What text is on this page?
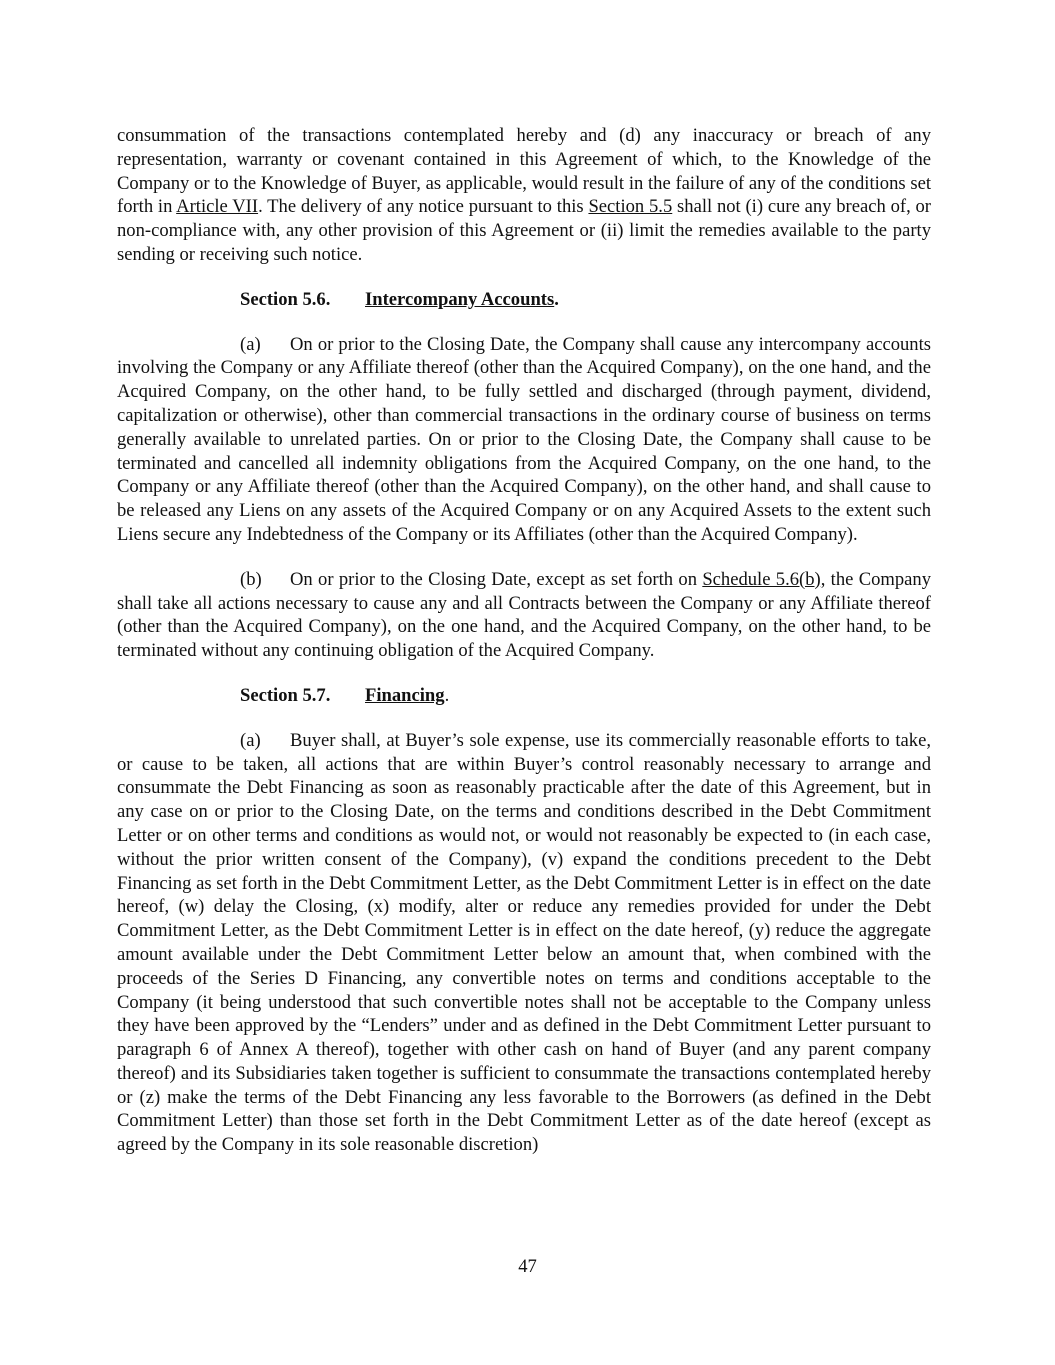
consummation of the transactions contemplated hereby and (d) any inaccuracy or breach of any representation, warranty or covenant contained in this Agreement of which, to the Knowledge of the Company or to the Knowledge of Buyer, as applicable, would result in the failure of any of the conditions set forth in Article VII. The delivery of any notice pursuant to this Section 5.5 shall not (i) cure any breach of, or non-compliance with, any other provision of this Agreement or (ii) limit the remedies available to the party sending or receiving such notice.

Section 5.6. Intercompany Accounts.

(a) On or prior to the Closing Date, the Company shall cause any intercompany accounts involving the Company or any Affiliate thereof (other than the Acquired Company), on the one hand, and the Acquired Company, on the other hand, to be fully settled and discharged (through payment, dividend, capitalization or otherwise), other than commercial transactions in the ordinary course of business on terms generally available to unrelated parties. On or prior to the Closing Date, the Company shall cause to be terminated and cancelled all indemnity obligations from the Acquired Company, on the one hand, to the Company or any Affiliate thereof (other than the Acquired Company), on the other hand, and shall cause to be released any Liens on any assets of the Acquired Company or on any Acquired Assets to the extent such Liens secure any Indebtedness of the Company or its Affiliates (other than the Acquired Company).

(b) On or prior to the Closing Date, except as set forth on Schedule 5.6(b), the Company shall take all actions necessary to cause any and all Contracts between the Company or any Affiliate thereof (other than the Acquired Company), on the one hand, and the Acquired Company, on the other hand, to be terminated without any continuing obligation of the Acquired Company.

Section 5.7. Financing.

(a) Buyer shall, at Buyer’s sole expense, use its commercially reasonable efforts to take, or cause to be taken, all actions that are within Buyer’s control reasonably necessary to arrange and consummate the Debt Financing as soon as reasonably practicable after the date of this Agreement, but in any case on or prior to the Closing Date, on the terms and conditions described in the Debt Commitment Letter or on other terms and conditions as would not, or would not reasonably be expected to (in each case, without the prior written consent of the Company), (v) expand the conditions precedent to the Debt Financing as set forth in the Debt Commitment Letter, as the Debt Commitment Letter is in effect on the date hereof, (w) delay the Closing, (x) modify, alter or reduce any remedies provided for under the Debt Commitment Letter, as the Debt Commitment Letter is in effect on the date hereof, (y) reduce the aggregate amount available under the Debt Commitment Letter below an amount that, when combined with the proceeds of the Series D Financing, any convertible notes on terms and conditions acceptable to the Company (it being understood that such convertible notes shall not be acceptable to the Company unless they have been approved by the “Lenders” under and as defined in the Debt Commitment Letter pursuant to paragraph 6 of Annex A thereof), together with other cash on hand of Buyer (and any parent company thereof) and its Subsidiaries taken together is sufficient to consummate the transactions contemplated hereby or (z) make the terms of the Debt Financing any less favorable to the Borrowers (as defined in the Debt Commitment Letter) than those set forth in the Debt Commitment Letter as of the date hereof (except as agreed by the Company in its sole reasonable discretion)

47
